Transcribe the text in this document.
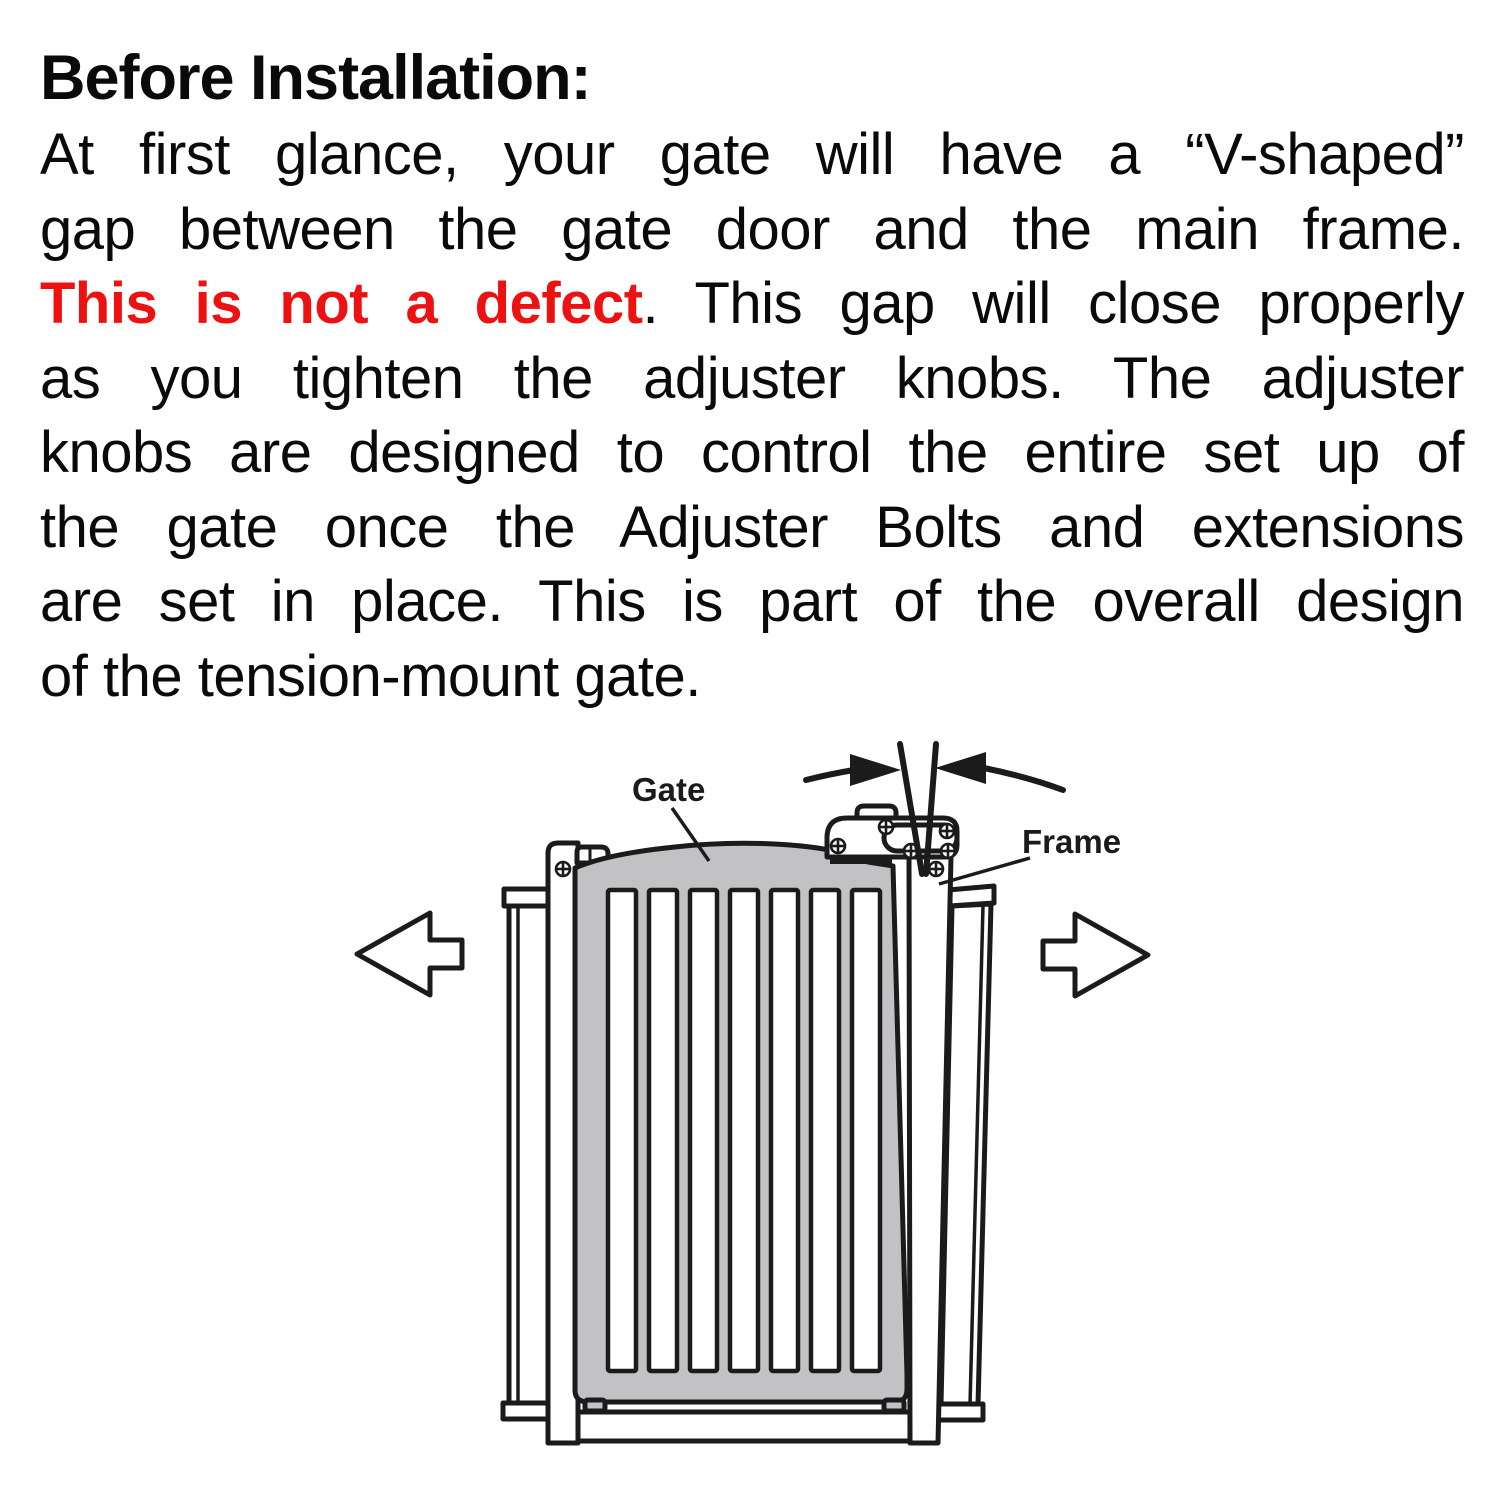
Before Installation:
At first glance, your gate will have a “V-shaped”
gap between the gate door and the main frame.
This is not a defect. This gap will close properly
as you tighten the adjuster knobs. The adjuster
knobs are designed to control the entire set up of
the gate once the Adjuster Bolts and extensions
are set in place. This is part of the overall design
of the tension-mount gate.
Gate
Frame
